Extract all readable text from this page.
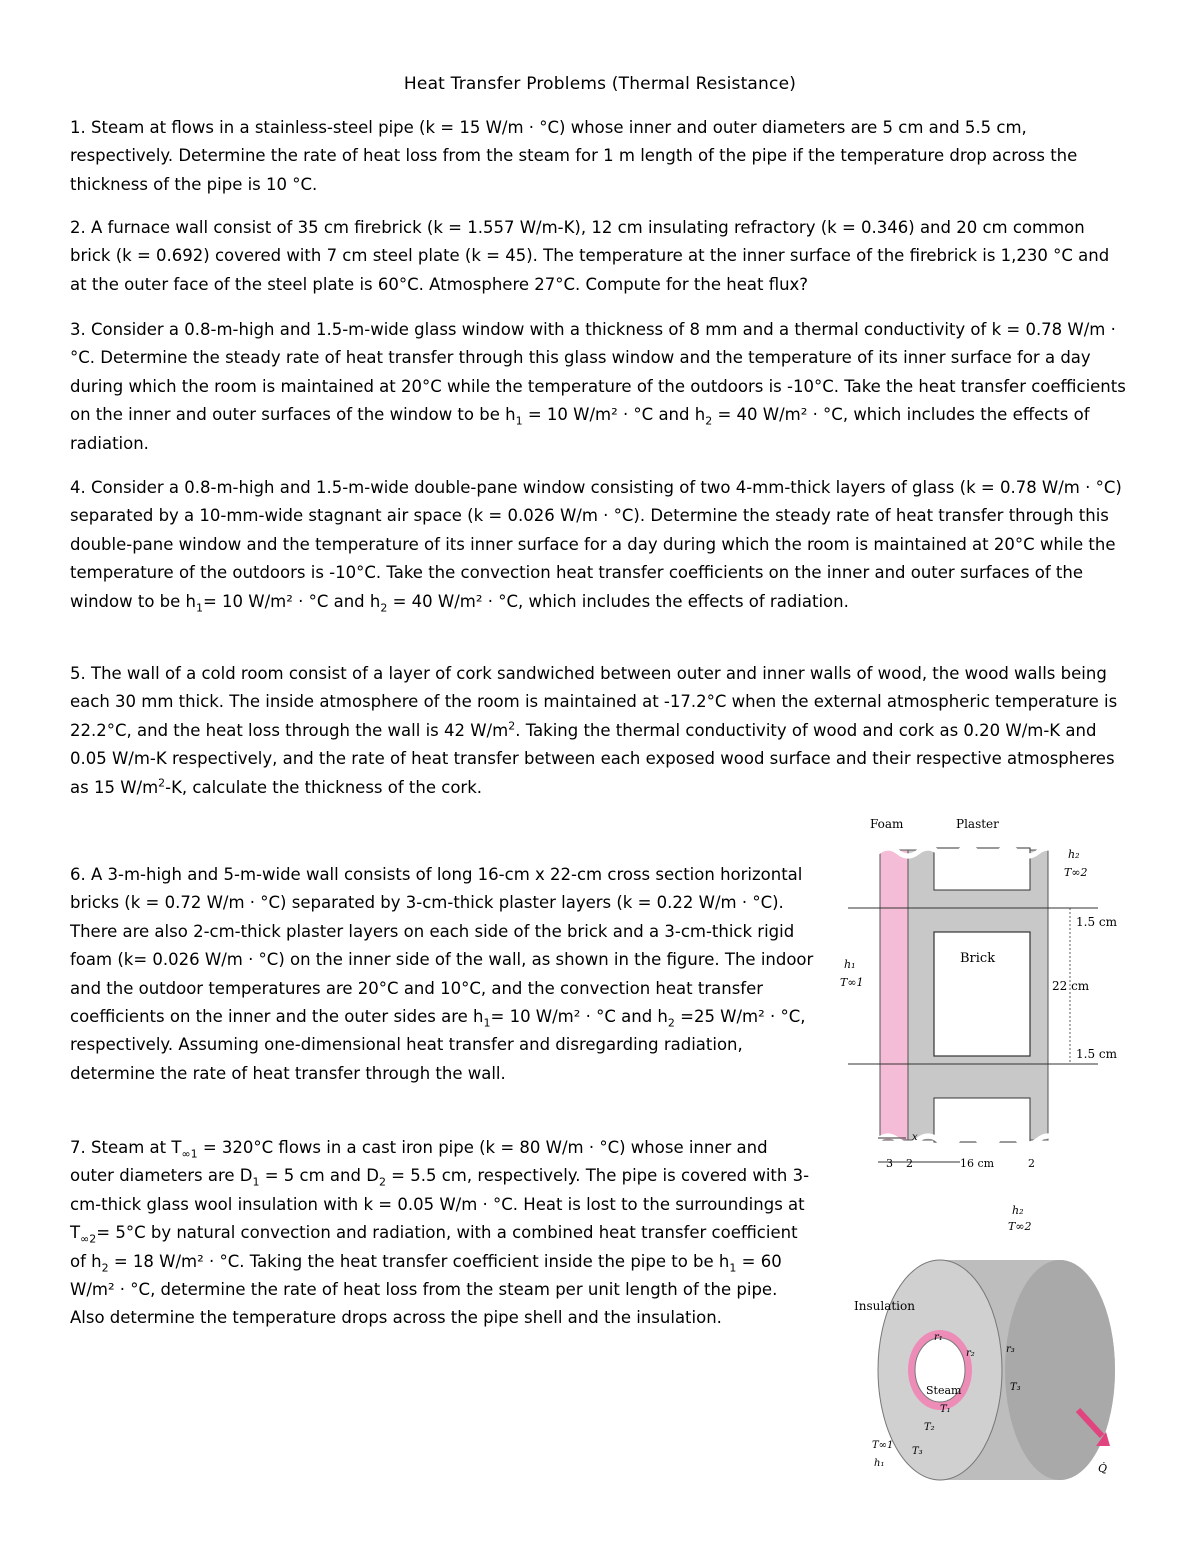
Heat Transfer Problems (Thermal Resistance)

1. Steam at flows in a stainless-steel pipe (k = 15 W/m · °C) whose inner and outer diameters are 5 cm and 5.5 cm, respectively. Determine the rate of heat loss from the steam for 1 m length of the pipe if the temperature drop across the thickness of the pipe is 10 °C.

2. A furnace wall consist of 35 cm firebrick (k = 1.557 W/m-K), 12 cm insulating refractory (k = 0.346) and 20 cm common brick (k = 0.692) covered with 7 cm steel plate (k = 45). The temperature at the inner surface of the firebrick is 1,230 °C and at the outer face of the steel plate is 60°C. Atmosphere 27°C. Compute for the heat flux?

3. Consider a 0.8-m-high and 1.5-m-wide glass window with a thickness of 8 mm and a thermal conductivity of k = 0.78 W/m · °C. Determine the steady rate of heat transfer through this glass window and the temperature of its inner surface for a day during which the room is maintained at 20°C while the temperature of the outdoors is -10°C. Take the heat transfer coefficients on the inner and outer surfaces of the window to be $h_1 = 10$ W/m² · °C and $h_2 = 40$ W/m² · °C, which includes the effects of radiation.

4. Consider a 0.8-m-high and 1.5-m-wide double-pane window consisting of two 4-mm-thick layers of glass (k = 0.78 W/m · °C) separated by a 10-mm-wide stagnant air space (k = 0.026 W/m · °C). Determine the steady rate of heat transfer through this double-pane window and the temperature of its inner surface for a day during which the room is maintained at 20°C while the temperature of the outdoors is -10°C. Take the convection heat transfer coefficients on the inner and outer surfaces of the window to be $h_1= 10$ W/m² · °C and $h_2 = 40$ W/m² · °C, which includes the effects of radiation.

5. The wall of a cold room consist of a layer of cork sandwiched between outer and inner walls of wood, the wood walls being each 30 mm thick. The inside atmosphere of the room is maintained at -17.2°C when the external atmospheric temperature is 22.2°C, and the heat loss through the wall is 42 $W/m^2$. Taking the thermal conductivity of wood and cork as 0.20 W/m-K and 0.05 W/m-K respectively, and the rate of heat transfer between each exposed wood surface and their respective atmospheres as 15 $W/m^2-K$, calculate the thickness of the cork.

6. A 3-m-high and 5-m-wide wall consists of long 16-cm x 22-cm cross section horizontal bricks (k = 0.72 W/m · °C) separated by 3-cm-thick plaster layers (k = 0.22 W/m · °C). There are also 2-cm-thick plaster layers on each side of the brick and a 3-cm-thick rigid foam (k= 0.026 W/m · °C) on the inner side of the wall, as shown in the figure. The indoor and the outdoor temperatures are 20°C and 10°C, and the convection heat transfer coefficients on the inner and the outer sides are $h_1= 10$ W/m² · °C and $h_2 =25$ W/m² · °C, respectively. Assuming one-dimensional heat transfer and disregarding radiation, determine the rate of heat transfer through the wall.

7. Steam at $T_{\infty 1} = 320^\circ C$ flows in a cast iron pipe (k = 80 W/m · °C) whose inner and outer diameters are $D_1 = 5$ cm and $D_2 = 5.5$ cm, respectively. The pipe is covered with 3-cm-thick glass wool insulation with k = 0.05 W/m · °C. Heat is lost to the surroundings at $T_{\infty 2}= 5^\circ C$ by natural convection and radiation, with a combined heat transfer coefficient of $h_2 = 18$ W/m² · °C. Taking the heat transfer coefficient inside the pipe to be $h_1 = 60$ W/m² · °C, determine the rate of heat loss from the steam per unit length of the pipe. Also determine the temperature drops across the pipe shell and the insulation.

1.5 cm
22 cm
1.5 cm
Foam	Plaster
Brick
h₂
T∞2
h₁
T∞1
x
3 2	16 cm	2
h₂
T∞2
Insulation
r₁
r₂	r₃
Steam
T₁
T₂
T₃
T∞1
h₁
T₃
Q̇
